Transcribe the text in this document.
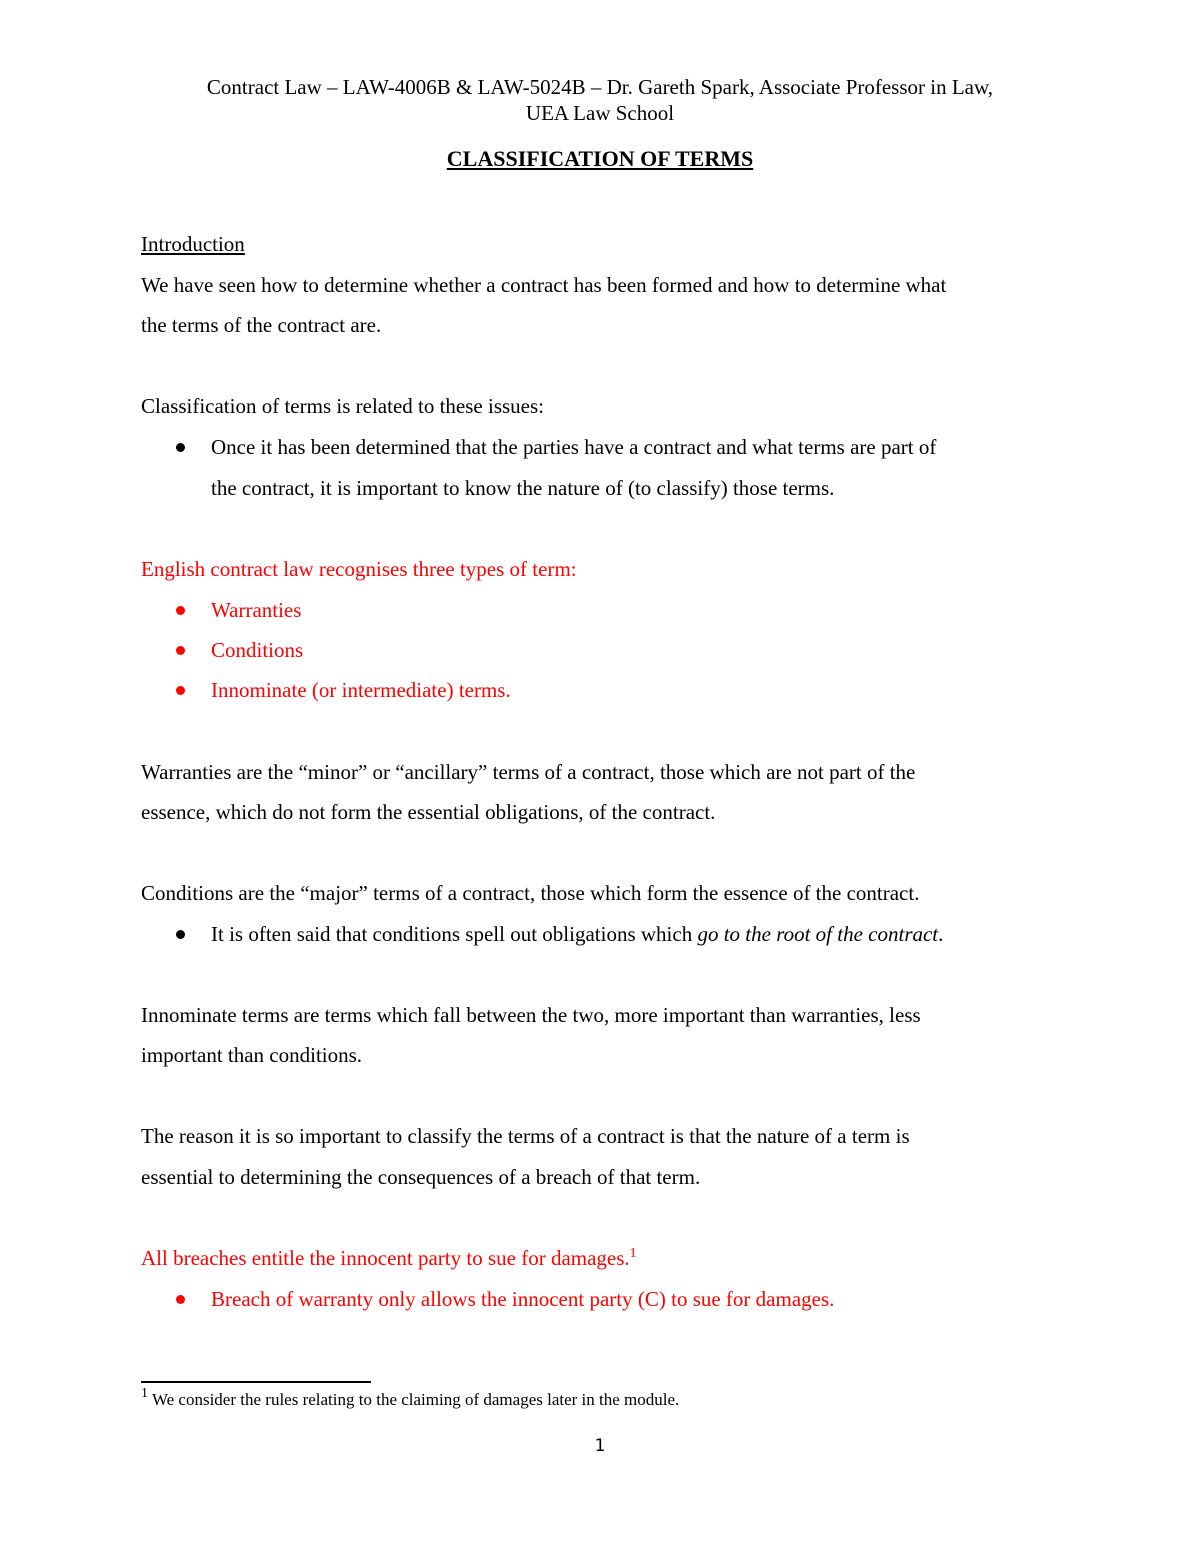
Contract Law – LAW-4006B & LAW-5024B – Dr. Gareth Spark, Associate Professor in Law,
UEA Law School
CLASSIFICATION OF TERMS
Introduction
We have seen how to determine whether a contract has been formed and how to determine what
the terms of the contract are.
Classification of terms is related to these issues:
Once it has been determined that the parties have a contract and what terms are part of
the contract, it is important to know the nature of (to classify) those terms.
English contract law recognises three types of term:
Warranties
Conditions
Innominate (or intermediate) terms.
Warranties are the “minor” or “ancillary” terms of a contract, those which are not part of the
essence, which do not form the essential obligations, of the contract.
Conditions are the “major” terms of a contract, those which form the essence of the contract.
It is often said that conditions spell out obligations which go to the root of the contract.
Innominate terms are terms which fall between the two, more important than warranties, less
important than conditions.
The reason it is so important to classify the terms of a contract is that the nature of a term is
essential to determining the consequences of a breach of that term.
All breaches entitle the innocent party to sue for damages.$^1$
Breach of warranty only allows the innocent party (C) to sue for damages.
$^1$ We consider the rules relating to the claiming of damages later in the module.
1
